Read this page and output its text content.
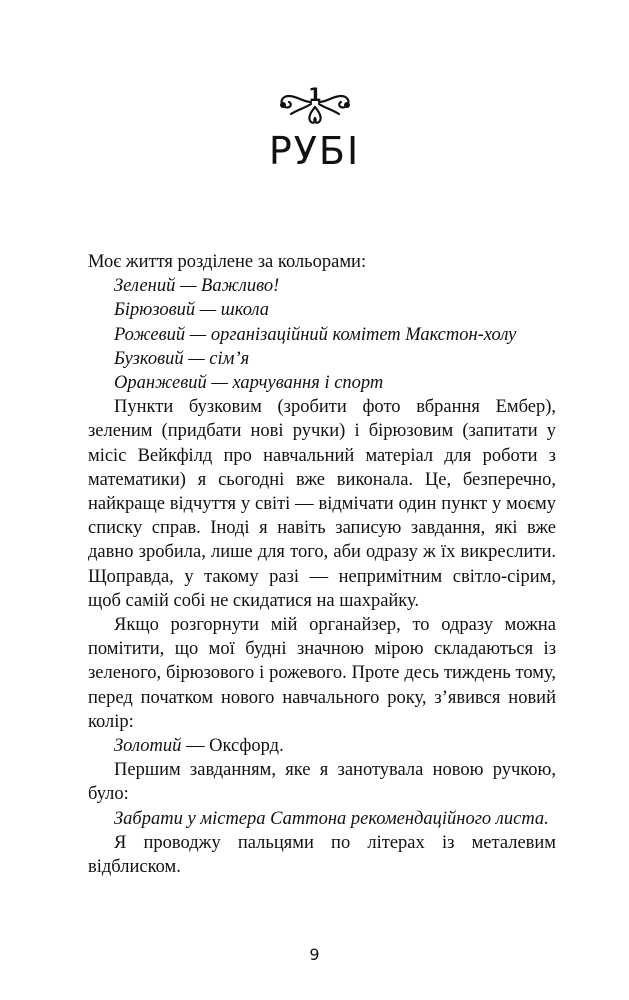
1
РУБІ

Моє життя розділене за кольорами:

Зелений — Важливо!

Бірюзовий — школа

Рожевий — організаційний комітет Макстон-холу

Бузковий — сім’я

Оранжевий — харчування і спорт

Пункти бузковим (зробити фото вбрання Ембер), зеленим (придбати нові ручки) і бірюзовим (запитати у місіс Вейкфілд про навчальний матеріал для роботи з математики) я сьогодні вже виконала. Це, безперечно, найкраще відчуття у світі — відмічати один пункт у моєму списку справ. Іноді я навіть записую завдання, які вже давно зробила, лише для того, аби одразу ж їх викреслити. Щоправда, у такому разі — непримітним світло-сірим, щоб самій собі не скидатися на шахрайку.

Якщо розгорнути мій органайзер, то одразу можна помітити, що мої будні значною мірою складаються із зеленого, бірюзового і рожевого. Проте десь тиждень тому, перед початком нового навчального року, з’явився новий колір:

Золотий — Оксфорд.

Першим завданням, яке я занотувала новою ручкою, було:

Забрати у містера Саттона рекомендаційного листа.

Я проводжу пальцями по літерах із металевим відблиском.

9
